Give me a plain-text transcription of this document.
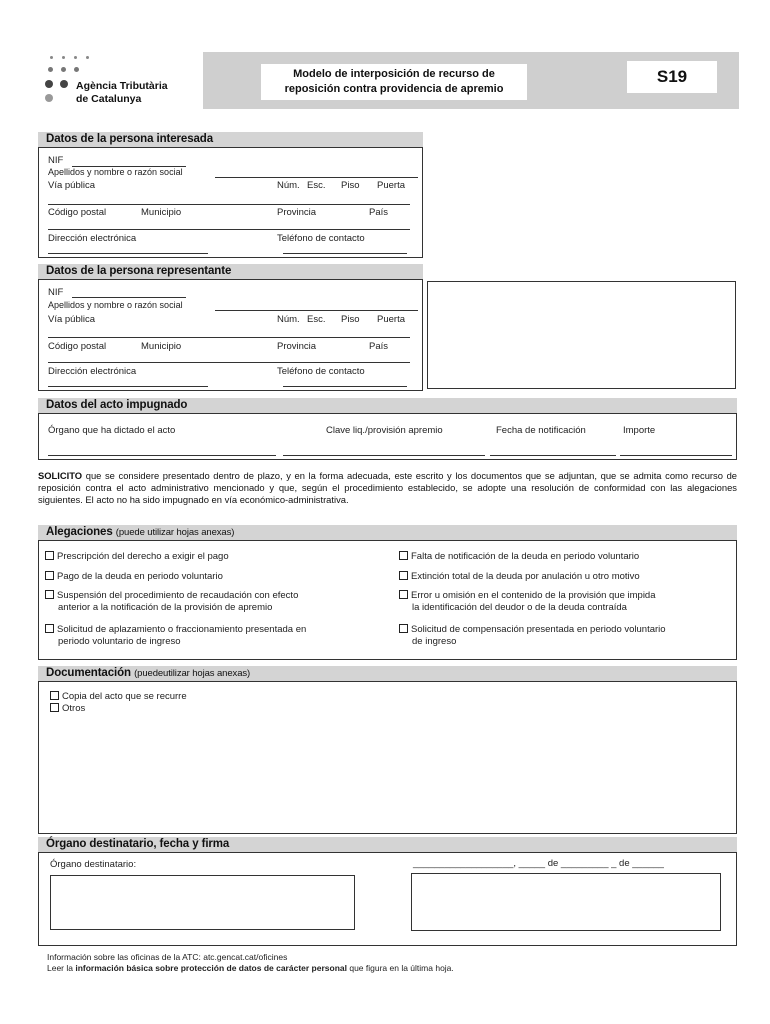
Agència Tributària
de Catalunya
Modelo de interposición de recurso de
reposición contra providencia de apremio
S19
Datos de la persona interesada
NIF
Apellidos y nombre o razón social
Vía pública	Núm. Esc. Piso Puerta
Código postal	Municipio	Provincia	País
Dirección electrónica	Teléfono de contacto
Datos de la persona representante
NIF
Apellidos y nombre o razón social
Vía pública	Núm. Esc. Piso Puerta
Código postal	Municipio	Provincia	País
Dirección electrónica	Teléfono de contacto
Datos del acto impugnado
Órgano que ha dictado el acto	Clave liq./provisión apremio	Fecha de notificación	Importe
SOLICITO que se considere presentado dentro de plazo, y en la forma adecuada, este escrito y los documentos que se adjuntan, que se admita como recurso de reposición contra el acto administrativo mencionado y que, según el procedimiento establecido, se adopte una resolución de conformidad con las alegaciones siguientes. El acto no ha sido impugnado en vía económico-administrativa.
Alegaciones (puede utilizar hojas anexas)
Prescripción del derecho a exigir el pago
Pago de la deuda en periodo voluntario
Suspensión del procedimiento de recaudación con efecto
anterior a la notificación de la provisión de apremio
Solicitud de aplazamiento o fraccionamiento presentada en
periodo voluntario de ingreso
Falta de notificación de la deuda en periodo voluntario
Extinción total de la deuda por anulación u otro motivo
Error u omisión en el contenido de la provisión que impida
la identificación del deudor o de la deuda contraída
Solicitud de compensación presentada en periodo voluntario
de ingreso
Documentación (puedeutilizar hojas anexas)
Copia del acto que se recurre
Otros
Órgano destinatario, fecha y firma
Órgano destinatario:	___________________, _____ de _________ _ de ______
Información sobre las oficinas de la ATC: atc.gencat.cat/oficines
Leer la información básica sobre protección de datos de carácter personal que figura en la última hoja.
